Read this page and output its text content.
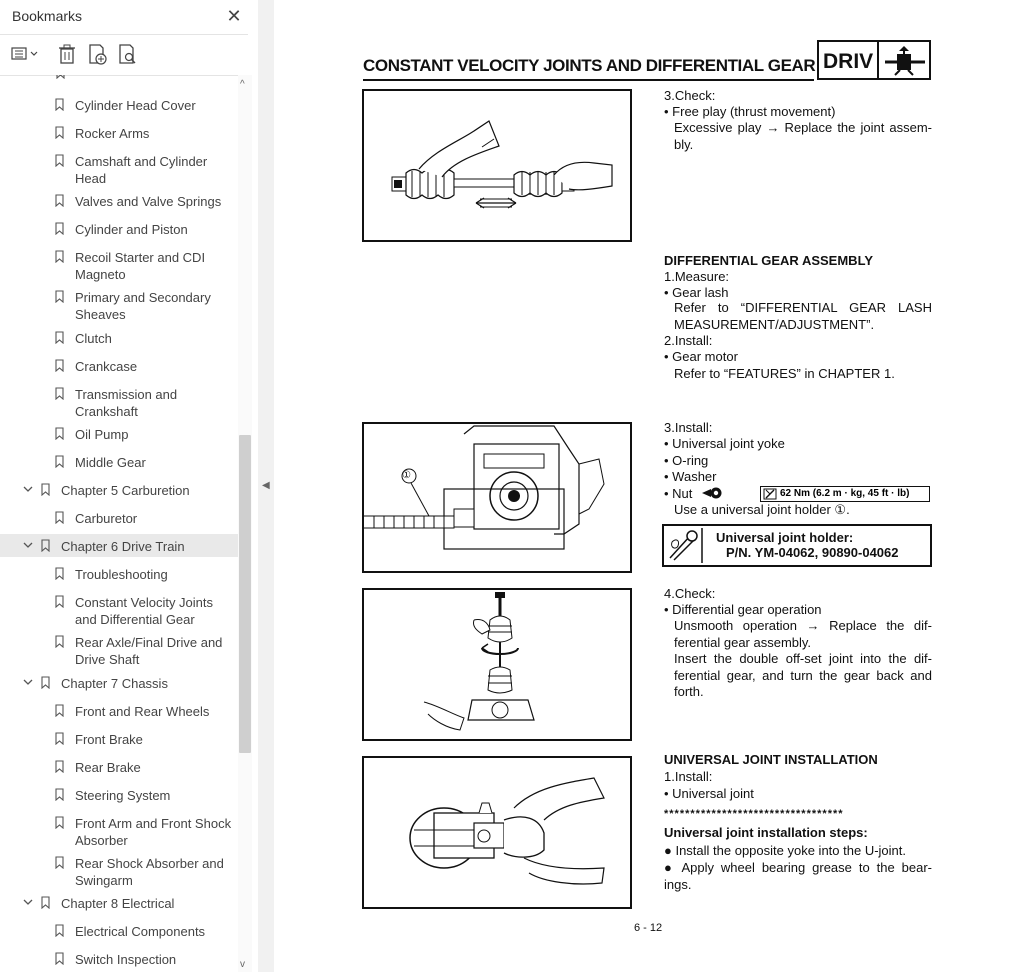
Bookmarks	✕
Cylinder Head Cover
Rocker Arms
Camshaft and Cylinder Head
Valves and Valve Springs
Cylinder and Piston
Recoil Starter and CDI Magneto
Primary and Secondary Sheaves
Clutch
Crankcase
Transmission and Crankshaft
Oil Pump
Middle Gear
Chapter 5 Carburetion
Carburetor
Chapter 6 Drive Train
Troubleshooting
Constant Velocity Joints and Differential Gear
Rear Axle/Final Drive and Drive Shaft
Chapter 7 Chassis
Front and Rear Wheels
Front Brake
Rear Brake
Steering System
Front Arm and Front Shock Absorber
Rear Shock Absorber and Swingarm
Chapter 8 Electrical
Electrical Components
Switch Inspection
^
v
◀
CONSTANT VELOCITY JOINTS AND DIFFERENTIAL GEAR DRIV
3.Check:
• Free play (thrust movement)
Excessive play → Replace the joint assem-bly.
DIFFERENTIAL GEAR ASSEMBLY
1.Measure:
• Gear lash
Refer to “DIFFERENTIAL GEAR LASH MEASUREMENT/ADJUSTMENT”.
2.Install:
• Gear motor
Refer to “FEATURES” in CHAPTER 1.
①
3.Install:
• Universal joint yoke
• O-ring
• Washer
• Nut	62 Nm (6.2 m · kg, 45 ft · lb)
Use a universal joint holder ①.
Universal joint holder:
P/N. YM-04062, 90890-04062
4.Check:
• Differential gear operation
Unsmooth operation → Replace the dif-ferential gear assembly.
Insert the double off-set joint into the dif-ferential gear, and turn the gear back and forth.
UNIVERSAL JOINT INSTALLATION
1.Install:
• Universal joint
**********************************
Universal joint installation steps:
● Install the opposite yoke into the U-joint.
● Apply wheel bearing grease to the bear-ings.
6 - 12
